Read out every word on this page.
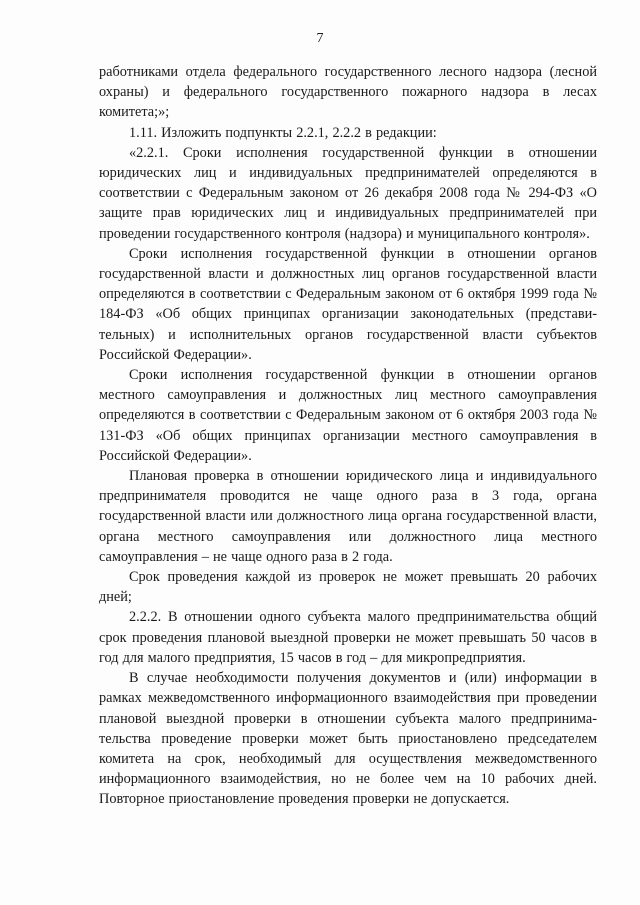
7

работниками отдела федерального государственного лесного надзора (лесной охраны) и федерального государственного пожарного надзора в лесах комитета;»;

1.11. Изложить подпункты 2.2.1, 2.2.2 в редакции:

«2.2.1. Сроки исполнения государственной функции в отношении юридических лиц и индивидуальных предпринимателей определяются в соответствии с Федеральным законом от 26 декабря 2008 года № 294-ФЗ «О защите прав юридических лиц и индивидуальных предпринимателей при проведении государственного контроля (надзора) и муниципального контроля».

Сроки исполнения государственной функции в отношении органов государственной власти и должностных лиц органов государственной власти определяются в соответствии с Федеральным законом от 6 октября 1999 года № 184-ФЗ «Об общих принципах организации законодательных (представительных) и исполнительных органов государственной власти субъектов Российской Федерации».

Сроки исполнения государственной функции в отношении органов местного самоуправления и должностных лиц местного самоуправления определяются в соответствии с Федеральным законом от 6 октября 2003 года № 131-ФЗ «Об общих принципах организации местного самоуправления в Российской Федерации».

Плановая проверка в отношении юридического лица и индивидуального предпринимателя проводится не чаще одного раза в 3 года, органа государственной власти или должностного лица органа государственной власти, органа местного самоуправления или должностного лица местного самоуправления – не чаще одного раза в 2 года.

Срок проведения каждой из проверок не может превышать 20 рабочих дней;

2.2.2. В отношении одного субъекта малого предпринимательства общий срок проведения плановой выездной проверки не может превышать 50 часов в год для малого предприятия, 15 часов в год – для микропредприятия.

В случае необходимости получения документов и (или) информации в рамках межведомственного информационного взаимодействия при проведении плановой выездной проверки в отношении субъекта малого предпринимательства проведение проверки может быть приостановлено председателем комитета на срок, необходимый для осуществления межведомственного информационного взаимодействия, но не более чем на 10 рабочих дней. Повторное приостановление проведения проверки не допускается.
